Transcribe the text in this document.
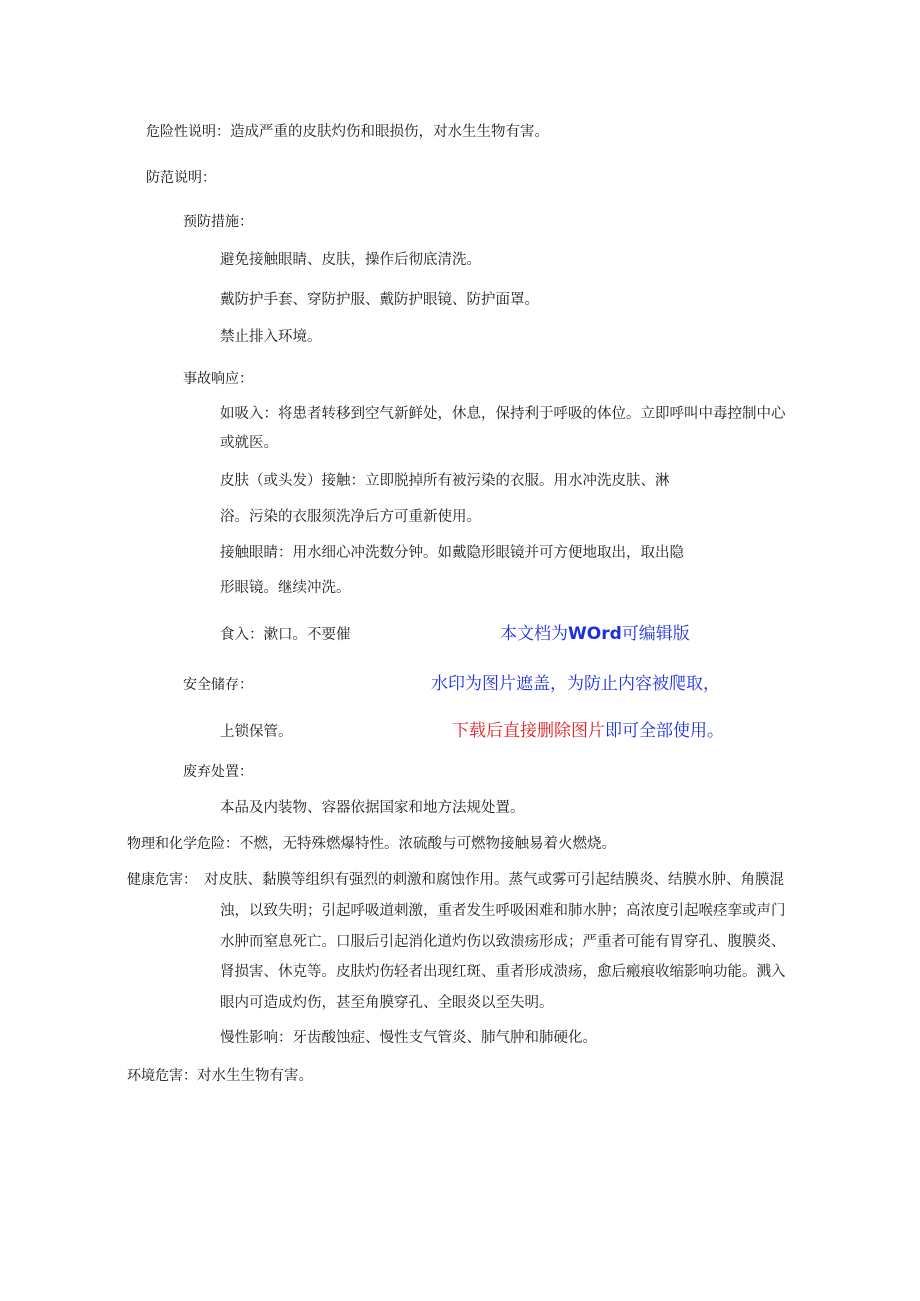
危险性说明：造成严重的皮肤灼伤和眼损伤，对水生生物有害。
防范说明：
预防措施：
避免接触眼睛、皮肤，操作后彻底清洗。
戴防护手套、穿防护服、戴防护眼镜、防护面罩。
禁止排入环境。
事故响应：
如吸入：将患者转移到空气新鲜处，休息，保持利于呼吸的体位。立即呼叫中毒控制中心
或就医。
皮肤（或头发）接触：立即脱掉所有被污染的衣服。用水冲洗皮肤、淋
浴。污染的衣服须洗净后方可重新使用。
接触眼睛：用水细心冲洗数分钟。如戴隐形眼镜并可方便地取出，取出隐
形眼镜。继续冲洗。
食入：漱口。不要催
安全储存：
上锁保管。
废弃处置：
本品及内装物、容器依据国家和地方法规处置。
物理和化学危险：不燃，无特殊燃爆特性。浓硫酸与可燃物接触易着火燃烧。
健康危害： 对皮肤、黏膜等组织有强烈的刺激和腐蚀作用。蒸气或雾可引起结膜炎、结膜水肿、角膜混
浊，以致失明；引起呼吸道刺激，重者发生呼吸困难和肺水肿；高浓度引起喉痉挛或声门
水肿而窒息死亡。口服后引起消化道灼伤以致溃疡形成；严重者可能有胃穿孔、腹膜炎、
肾损害、休克等。皮肤灼伤轻者出现红斑、重者形成溃疡，愈后瘢痕收缩影响功能。溅入
眼内可造成灼伤，甚至角膜穿孔、全眼炎以至失明。
慢性影响：牙齿酸蚀症、慢性支气管炎、肺气肿和肺硬化。
环境危害：对水生生物有害。
本文档为WOrd可编辑版
水印为图片遮盖，为防止内容被爬取，
下载后直接删除图片即可全部使用。
